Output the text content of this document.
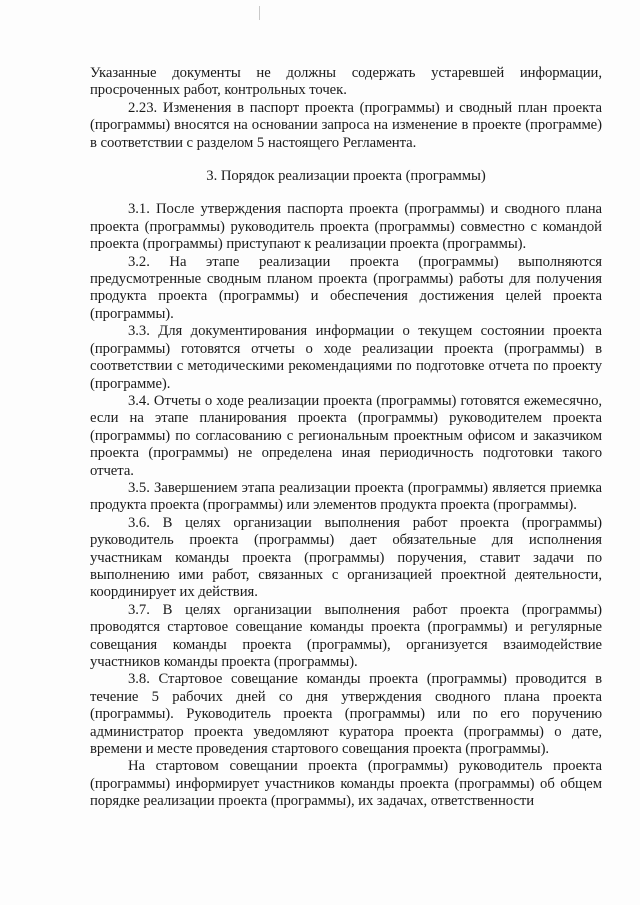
Указанные документы не должны содержать устаревшей информации, просроченных работ, контрольных точек.

2.23. Изменения в паспорт проекта (программы) и сводный план проекта (программы) вносятся на основании запроса на изменение в проекте (программе) в соответствии с разделом 5 настоящего Регламента.

3. Порядок реализации проекта (программы)

3.1. После утверждения паспорта проекта (программы) и сводного плана проекта (программы) руководитель проекта (программы) совместно с командой проекта (программы) приступают к реализации проекта (программы).

3.2. На этапе реализации проекта (программы) выполняются предусмотренные сводным планом проекта (программы) работы для получения продукта проекта (программы) и обеспечения достижения целей проекта (программы).

3.3. Для документирования информации о текущем состоянии проекта (программы) готовятся отчеты о ходе реализации проекта (программы) в соответствии с методическими рекомендациями по подготовке отчета по проекту (программе).

3.4. Отчеты о ходе реализации проекта (программы) готовятся ежемесячно, если на этапе планирования проекта (программы) руководителем проекта (программы) по согласованию с региональным проектным офисом и заказчиком проекта (программы) не определена иная периодичность подготовки такого отчета.

3.5. Завершением этапа реализации проекта (программы) является приемка продукта проекта (программы) или элементов продукта проекта (программы).

3.6. В целях организации выполнения работ проекта (программы) руководитель проекта (программы) дает обязательные для исполнения участникам команды проекта (программы) поручения, ставит задачи по выполнению ими работ, связанных с организацией проектной деятельности, координирует их действия.

3.7. В целях организации выполнения работ проекта (программы) проводятся стартовое совещание команды проекта (программы) и регулярные совещания команды проекта (программы), организуется взаимодействие участников команды проекта (программы).

3.8. Стартовое совещание команды проекта (программы) проводится в течение 5 рабочих дней со дня утверждения сводного плана проекта (программы). Руководитель проекта (программы) или по его поручению администратор проекта уведомляют куратора проекта (программы) о дате, времени и месте проведения стартового совещания проекта (программы).

На стартовом совещании проекта (программы) руководитель проекта (программы) информирует участников команды проекта (программы) об общем порядке реализации проекта (программы), их задачах, ответственности
